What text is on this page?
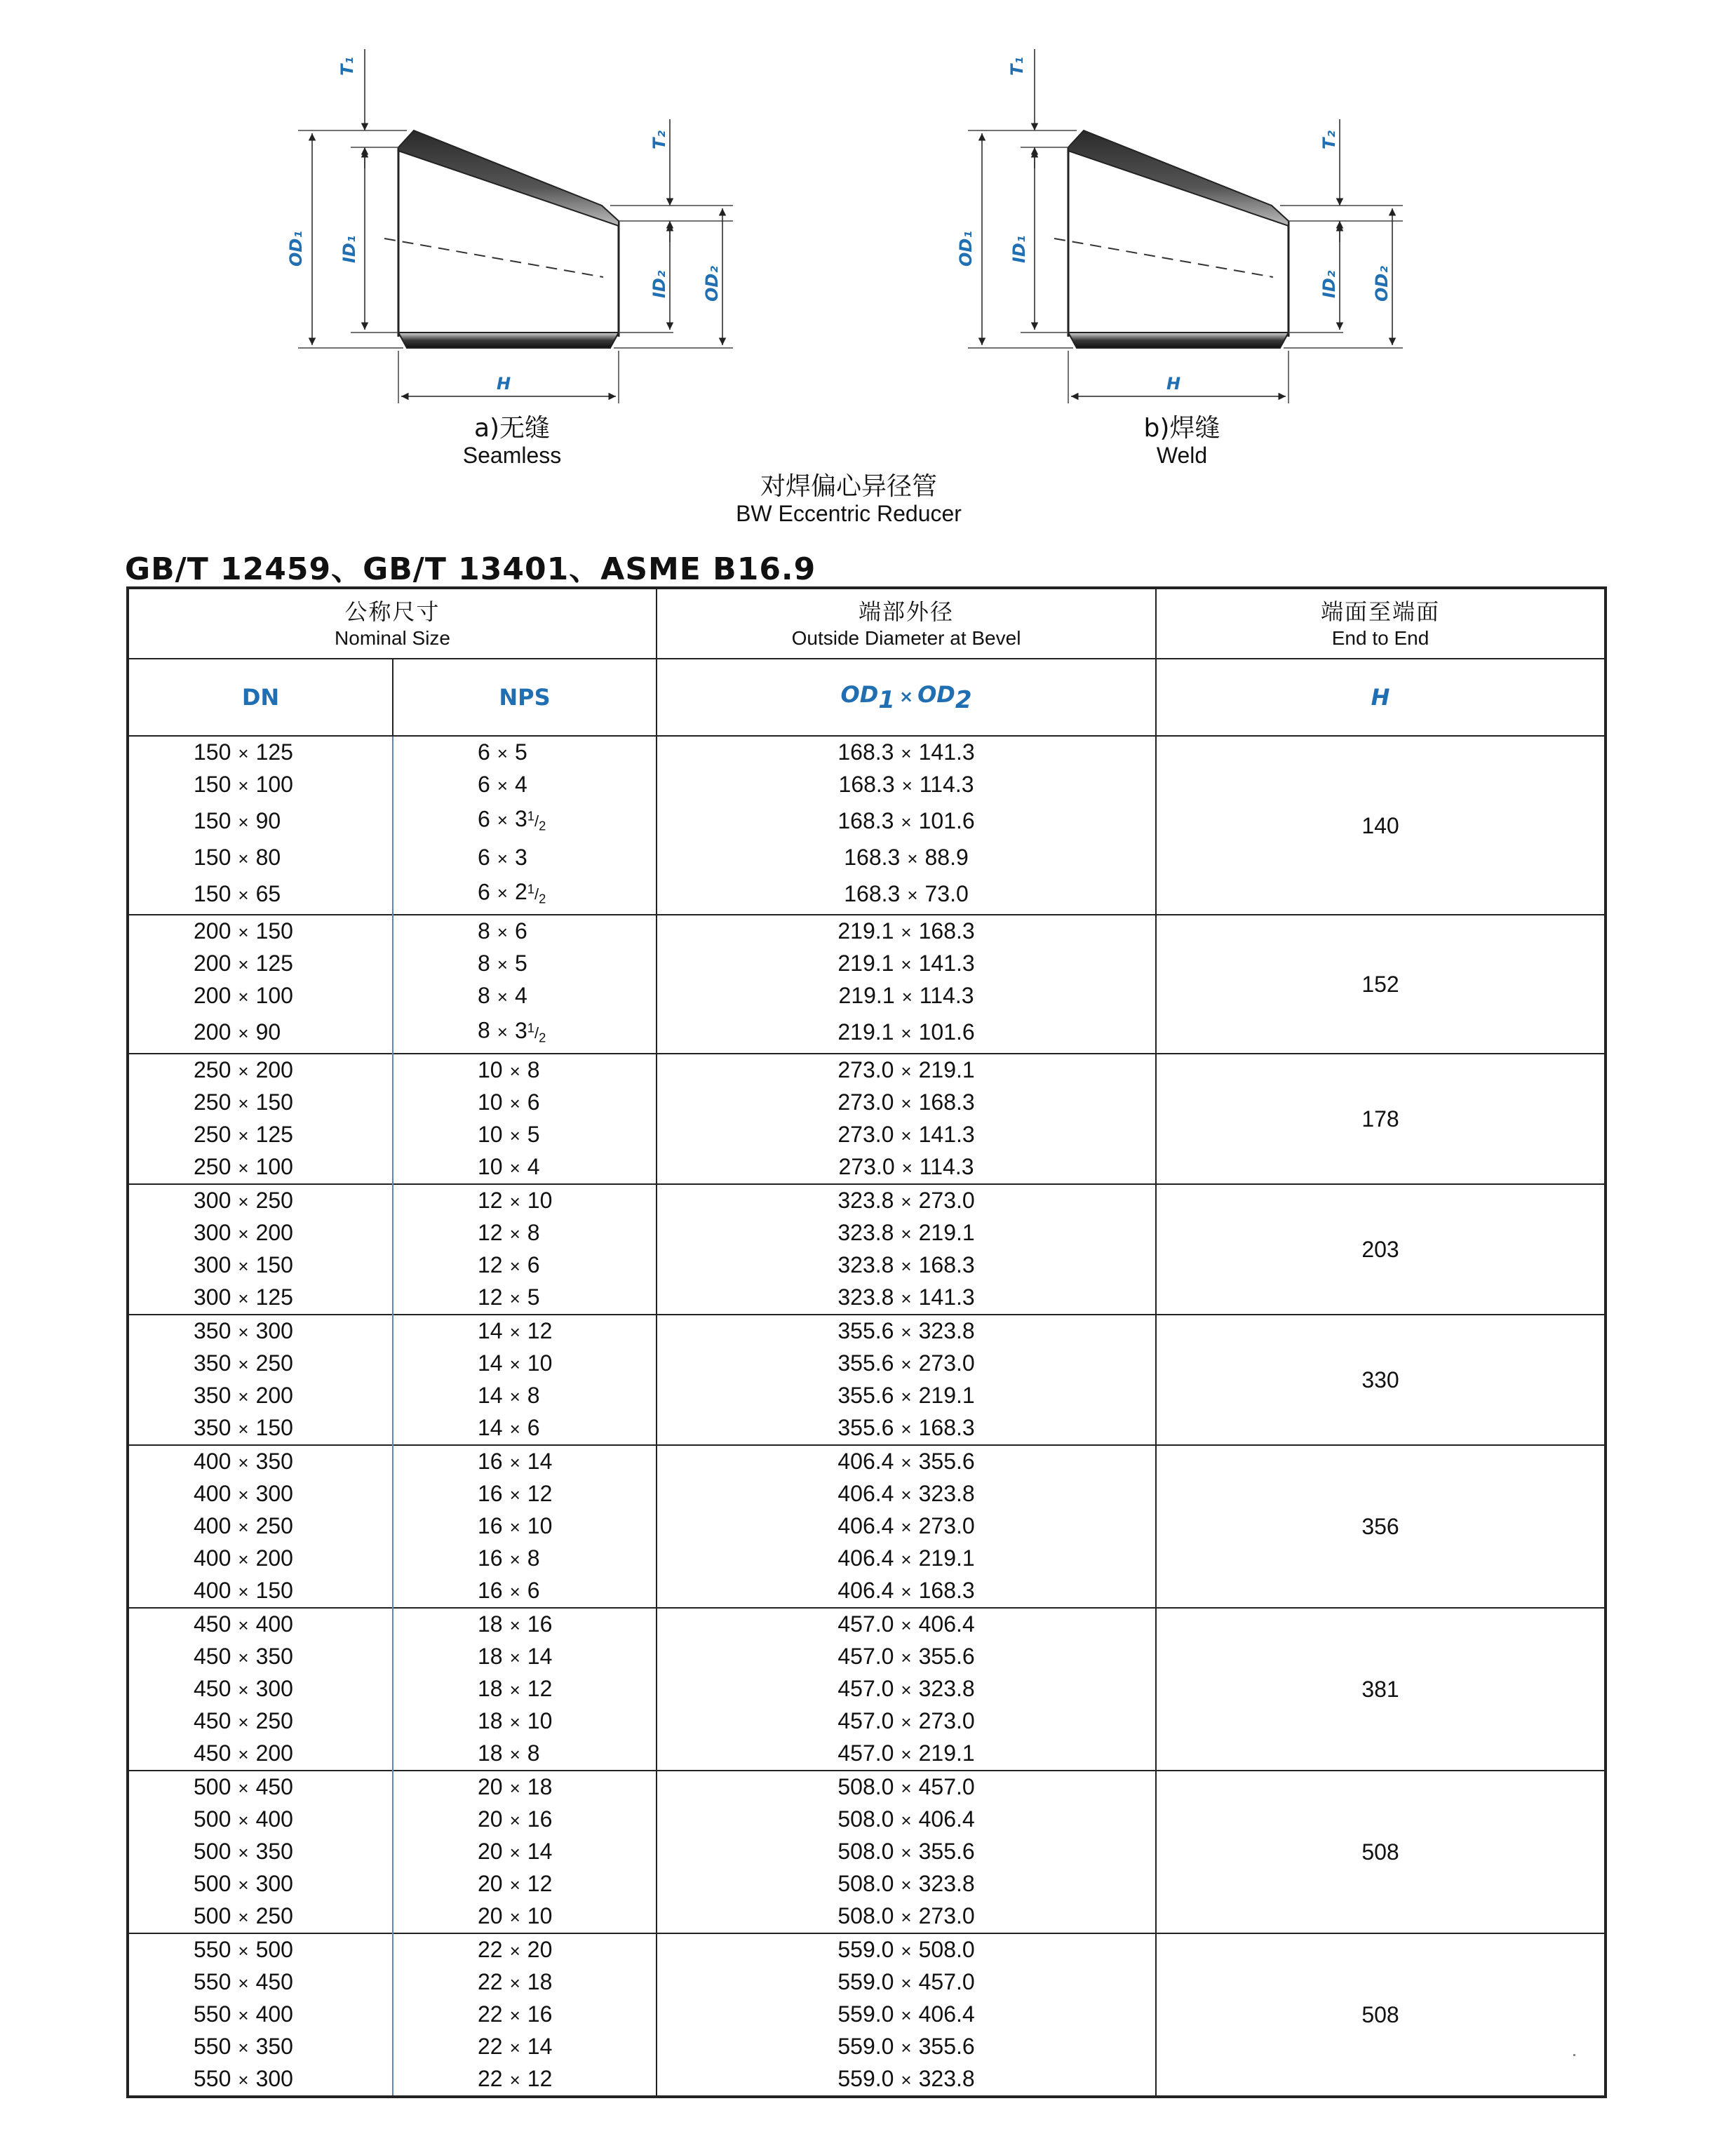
T₁
OD₁ ID₁
T₂
ID₂ OD₂
H
T₁
OD₁ ID₁
T₂
ID₂ OD₂
H
a)无缝
Seamless
b)焊缝
Weld
对焊偏心异径管
BW Eccentric Reducer
GB/T 12459、GB/T 13401、ASME B16.9
公称尺寸
Nominal Size		端部外径
Outside Diameter at Bevel	端面至端面
End to End

DN	NPS	$OD_1 \times OD_2$	H
150 × 125	6 × 5	168.3 × 141.3	140
150 × 100	6 × 4	168.3 × 114.3	
150 × 90	$6 \times 3^1/_2$	168.3 × 101.6	
150 × 80	6 × 3	168.3 × 88.9	
150 × 65	$6 \times 2^1/_2$	168.3 × 73.0	
200 × 150	8 × 6	219.1 × 168.3	152
200 × 125	8 × 5	219.1 × 141.3	
200 × 100	8 × 4	219.1 × 114.3	
200 × 90	$8 \times 3^1/_2$	219.1 × 101.6	
250 × 200	10 × 8	273.0 × 219.1	178
250 × 150	10 × 6	273.0 × 168.3	
250 × 125	10 × 5	273.0 × 141.3	
250 × 100	10 × 4	273.0 × 114.3	
300 × 250	12 × 10	323.8 × 273.0	203
300 × 200	12 × 8	323.8 × 219.1	
300 × 150	12 × 6	323.8 × 168.3	
300 × 125	12 × 5	323.8 × 141.3	
350 × 300	14 × 12	355.6 × 323.8	330
350 × 250	14 × 10	355.6 × 273.0	
350 × 200	14 × 8	355.6 × 219.1	
350 × 150	14 × 6	355.6 × 168.3	
400 × 350	16 × 14	406.4 × 355.6	356
400 × 300	16 × 12	406.4 × 323.8	
400 × 250	16 × 10	406.4 × 273.0	
400 × 200	16 × 8	406.4 × 219.1	
400 × 150	16 × 6	406.4 × 168.3	
450 × 400	18 × 16	457.0 × 406.4	381
450 × 350	18 × 14	457.0 × 355.6	
450 × 300	18 × 12	457.0 × 323.8	
450 × 250	18 × 10	457.0 × 273.0	
450 × 200	18 × 8	457.0 × 219.1	
500 × 450	20 × 18	508.0 × 457.0	508
500 × 400	20 × 16	508.0 × 406.4	
500 × 350	20 × 14	508.0 × 355.6	
500 × 300	20 × 12	508.0 × 323.8	
500 × 250	20 × 10	508.0 × 273.0	
550 × 500	22 × 20	559.0 × 508.0	508
550 × 450	22 × 18	559.0 × 457.0	
550 × 400	22 × 16	559.0 × 406.4	
550 × 350	22 × 14	559.0 × 355.6	
550 × 300	22 × 12	559.0 × 323.8	
